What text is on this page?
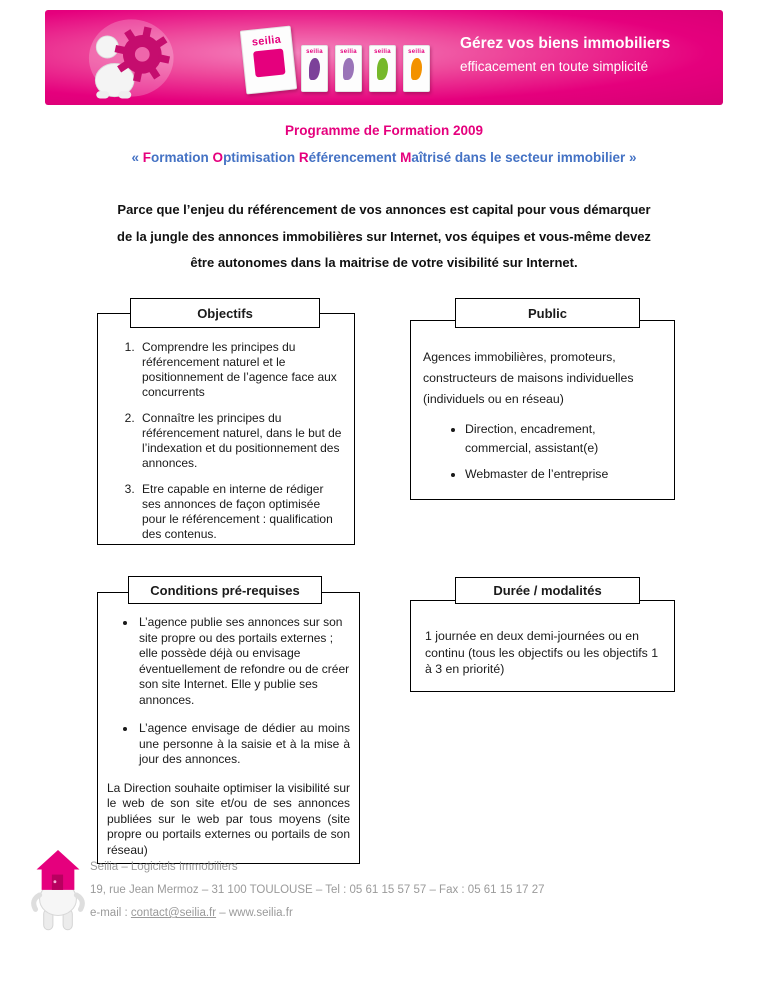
seilia
seilia	seilia	seilia	seilia Gérez vos biens immobiliers
efficacement en toute simplicité
Programme de Formation 2009
« Formation Optimisation Référencement Maîtrisé dans le secteur immobilier »
Parce que l’enjeu du référencement de vos annonces est capital pour vous démarquer
de la jungle des annonces immobilières sur Internet, vos équipes et vous-même devez
être autonomes dans la maitrise de votre visibilité sur Internet.
Objectifs
1. Comprendre les principes du référencement naturel et le positionnement de l’agence face aux concurrents
2. Connaître les principes du référencement naturel, dans le but de l’indexation et du positionnement des annonces.
3. Etre capable en interne de rédiger ses annonces de façon optimisée pour le référencement : qualification des contenus.
Public
Agences immobilières, promoteurs, constructeurs de maisons individuelles (individuels ou en réseau)
• Direction, encadrement, commercial, assistant(e)
• Webmaster de l’entreprise
Conditions pré-requises
• L’agence publie ses annonces sur son site propre ou des portails externes ; elle possède déjà ou envisage éventuellement de refondre ou de créer son site Internet. Elle y publie ses annonces.
• L’agence envisage de dédier au moins une personne à la saisie et à la mise à jour des annonces.
La Direction souhaite optimiser la visibilité sur le web de son site et/ou de ses annonces publiées sur le web par tous moyens (site propre ou portails externes ou portails de son réseau)
Durée / modalités
1 journée en deux demi-journées ou en continu (tous les objectifs ou les objectifs 1 à 3 en priorité)
Seilia – Logiciels Immobiliers
19, rue Jean Mermoz – 31 100 TOULOUSE – Tel : 05 61 15 57 57 – Fax : 05 61 15 17 27
e-mail : contact@seilia.fr – www.seilia.fr
